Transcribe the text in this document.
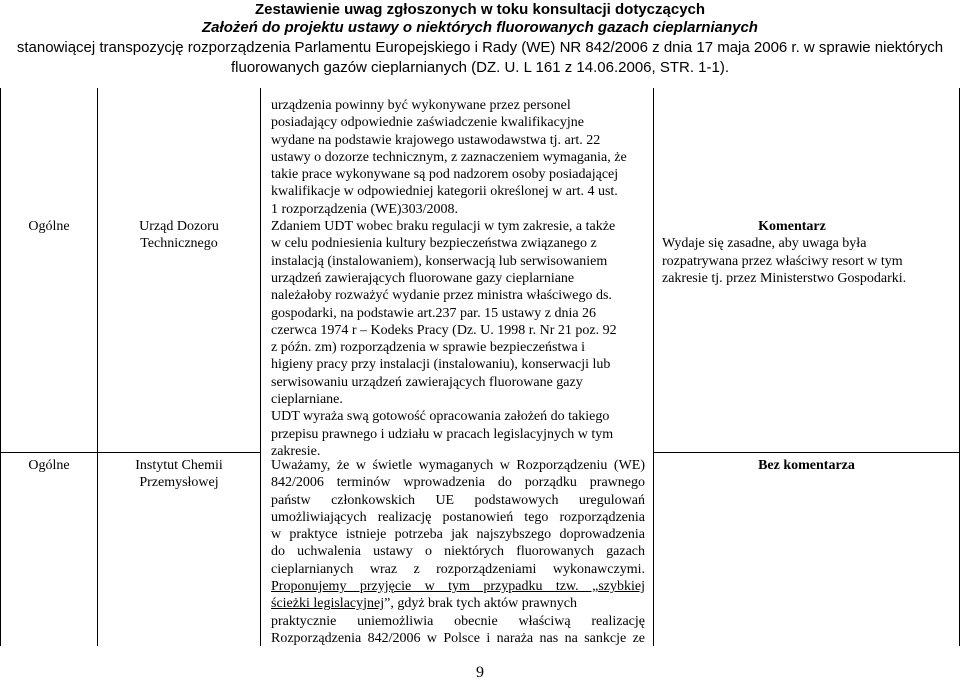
Zestawienie uwag zgłoszonych w toku konsultacji dotyczących
Założeń do projektu ustawy o niektórych fluorowanych gazach cieplarnianych
stanowiącej transpozycję rozporządzenia Parlamentu Europejskiego i Rady (WE) NR 842/2006 z dnia 17 maja 2006 r. w sprawie niektórych
fluorowanych gazów cieplarnianych (DZ. U. L 161 z 14.06.2006, STR. 1-1).
Ogólne	Urząd Dozoru
Technicznego
urządzenia powinny być wykonywane przez personel
posiadający odpowiednie zaświadczenie kwalifikacyjne
wydane na podstawie krajowego ustawodawstwa tj. art. 22
ustawy o dozorze technicznym, z zaznaczeniem wymagania, że
takie prace wykonywane są pod nadzorem osoby posiadającej
kwalifikacje w odpowiedniej kategorii określonej w art. 4 ust.
1 rozporządzenia (WE)303/2008.
Zdaniem UDT wobec braku regulacji w tym zakresie, a także
w celu podniesienia kultury bezpieczeństwa związanego z
instalacją (instalowaniem), konserwacją lub serwisowaniem
urządzeń zawierających fluorowane gazy cieplarniane
należałoby rozważyć wydanie przez ministra właściwego ds.
gospodarki, na podstawie art.237 par. 15 ustawy z dnia 26
czerwca 1974 r – Kodeks Pracy (Dz. U. 1998 r. Nr 21 poz. 92
z późn. zm) rozporządzenia w sprawie bezpieczeństwa i
higieny pracy przy instalacji (instalowaniu), konserwacji lub
serwisowaniu urządzeń zawierających fluorowane gazy
cieplarniane.
UDT wyraża swą gotowość opracowania założeń do takiego
przepisu prawnego i udziału w pracach legislacyjnych w tym
zakresie.
Komentarz
Wydaje się zasadne, aby uwaga była
rozpatrywana przez właściwy resort w tym
zakresie tj. przez Ministerstwo Gospodarki.
Ogólne	Instytut Chemii
Przemysłowej
Uważamy, że w świetle wymaganych w Rozporządzeniu (WE)
842/2006 terminów wprowadzenia do porządku prawnego
państw członkowskich UE podstawowych uregulowań
umożliwiających realizację postanowień tego rozporządzenia
w praktyce istnieje potrzeba jak najszybszego doprowadzenia
do uchwalenia ustawy o niektórych fluorowanych gazach
cieplarnianych wraz z rozporządzeniami wykonawczymi.
Proponujemy przyjęcie w tym przypadku tzw. „szybkiej
ścieżki legislacyjnej ”, gdyż brak tych aktów prawnych
praktycznie uniemożliwia obecnie właściwą realizację
Rozporządzenia 842/2006 w Polsce i naraża nas na sankcje ze
Bez komentarza
9
